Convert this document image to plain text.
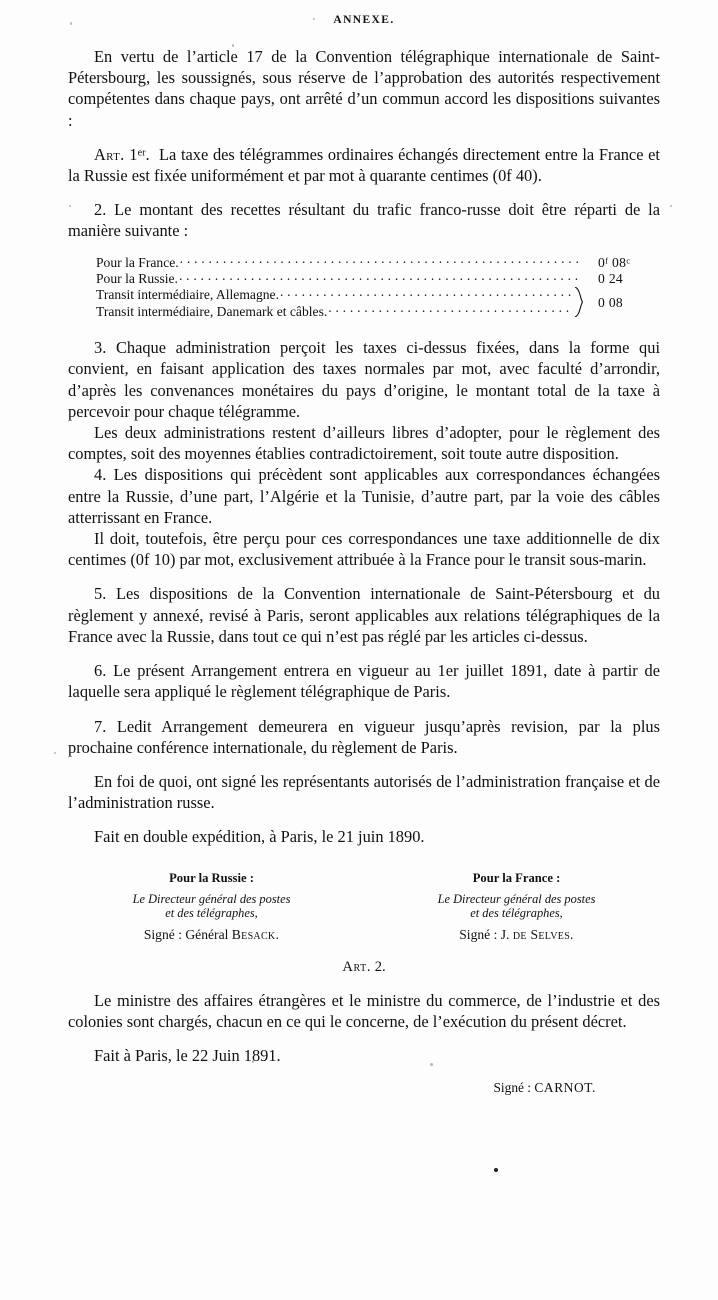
ANNEXE.

En vertu de l’article 17 de la Convention télégraphique internationale de Saint-Pétersbourg, les soussignés, sous réserve de l’approbation des autorités respectivement compétentes dans chaque pays, ont arrêté d’un commun accord les dispositions suivantes :

Art. 1er. La taxe des télégrammes ordinaires échangés directement entre la France et la Russie est fixée uniformément et par mot à quarante centimes (0f 40).

2. Le montant des recettes résultant du trafic franco-russe doit être réparti de la manière suivante :

Pour la France. . . .	0$^f$ 08$^c$
Pour la Russie. . . .	0 24
Transit intermédiaire, Allemagne.
. . .
Transit intermédiaire, Danemark et câbles.
. . .
0
08

3. Chaque administration perçoit les taxes ci-dessus fixées, dans la forme qui convient, en faisant application des taxes normales par mot, avec faculté d’arrondir, d’après les convenances monétaires du pays d’origine, le montant total de la taxe à percevoir pour chaque télégramme.

Les deux administrations restent d’ailleurs libres d’adopter, pour le règlement des comptes, soit des moyennes établies contradictoirement, soit toute autre disposition.

4. Les dispositions qui précèdent sont applicables aux correspondances échangées entre la Russie, d’une part, l’Algérie et la Tunisie, d’autre part, par la voie des câbles atterrissant en France.

Il doit, toutefois, être perçu pour ces correspondances une taxe additionnelle de dix centimes (0f 10) par mot, exclusivement attribuée à la France pour le transit sous-marin.

5. Les dispositions de la Convention internationale de Saint-Pétersbourg et du règlement y annexé, revisé à Paris, seront applicables aux relations télégraphiques de la France avec la Russie, dans tout ce qui n’est pas réglé par les articles ci-dessus.

6. Le présent Arrangement entrera en vigueur au 1er juillet 1891, date à partir de laquelle sera appliqué le règlement télégraphique de Paris.

7. Ledit Arrangement demeurera en vigueur jusqu’après revision, par la plus prochaine conférence internationale, du règlement de Paris.

En foi de quoi, ont signé les représentants autorisés de l’administration française et de l’administration russe.

Fait en double expédition, à Paris, le 21 juin 1890.

Pour la Russie :
Le Directeur général des postes
et des télégraphes,
Signé : Général Besack.
Pour la France :
Le Directeur général des postes
et des télégraphes,
Signé : J. de Selves.
Art. 2.

Le ministre des affaires étrangères et le ministre du commerce, de l’industrie et des colonies sont chargés, chacun en ce qui le concerne, de l’exécution du présent décret.

Fait à Paris, le 22 Juin 1891.

Signé : CARNOT.
